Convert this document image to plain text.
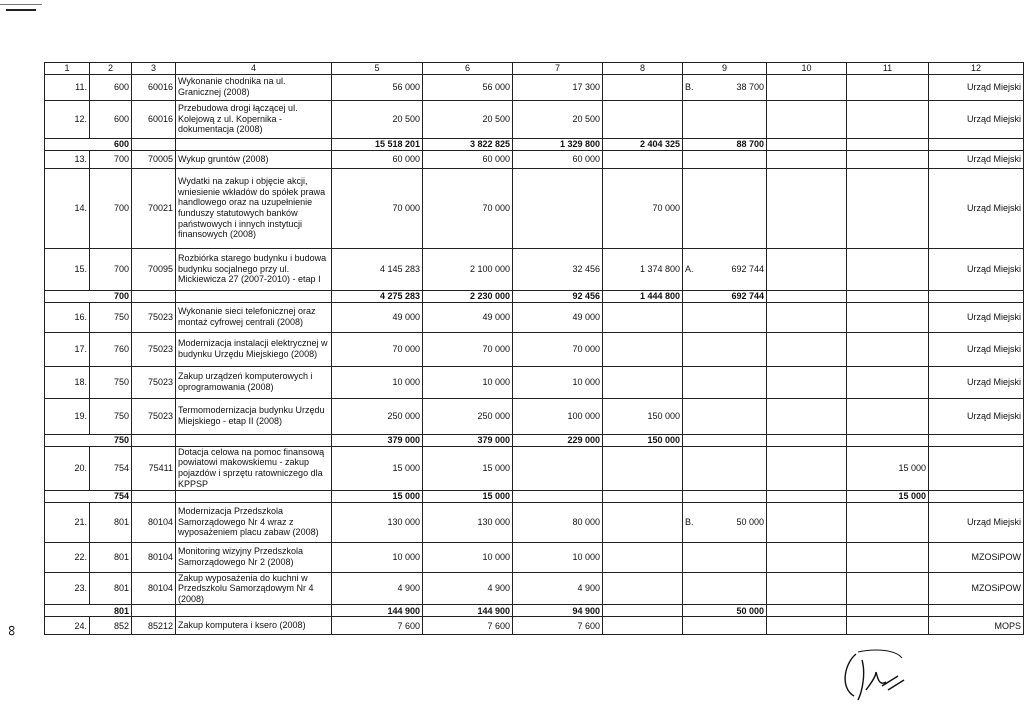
∞
1	2	3	4	5	6	7	8	9	10	11	12
11.	600	60016	Wykonanie chodnika na ul. Granicznej (2008)	56 000	56 000	17 300		B. 38 700			Urząd Miejski
12.	600	60016	Przebudowa drogi łączącej ul. Kolejową z ul. Kopernika - dokumentacja (2008)	20 500	20 500	20 500					Urząd Miejski
600				15 518 201	3 822 825	1 329 800	2 404 325	88 700			
13.	700	70005	Wykup gruntów (2008)	60 000	60 000	60 000					Urząd Miejski
14.	700	70021	Wydatki na zakup i objęcie akcji, wniesienie wkładów do spółek prawa handlowego oraz na uzupełnienie funduszy statutowych banków państwowych i innych instytucji finansowych (2008)	70 000	70 000		70 000				Urząd Miejski
15.	700	70095	Rozbiórka starego budynku i budowa budynku socjalnego przy ul. Mickiewicza 27 (2007-2010) - etap I	4 145 283	2 100 000	32 456	1 374 800	A. 692 744			Urząd Miejski
700				4 275 283	2 230 000	92 456	1 444 800	692 744			
16.	750	75023	Wykonanie sieci telefonicznej oraz montaż cyfrowej centrali (2008)	49 000	49 000	49 000					Urząd Miejski
17.	760	75023	Modernizacja instalacji elektrycznej w budynku Urzędu Miejskiego (2008)	70 000	70 000	70 000					Urząd Miejski
18.	750	75023	Zakup urządzeń komputerowych i oprogramowania (2008)	10 000	10 000	10 000					Urząd Miejski
19.	750	75023	Termomodernizacja budynku Urzędu Miejskiego - etap II (2008)	250 000	250 000	100 000	150 000				Urząd Miejski
750				379 000	379 000	229 000	150 000				
20.	754	75411	Dotacja celowa na pomoc finansową powiatowi makowskiemu - zakup pojazdów i sprzętu ratowniczego dla KPPSP	15 000	15 000					15 000	
754				15 000	15 000					15 000	
21.	801	80104	Modernizacja Przedszkola Samorządowego Nr 4 wraz z wyposażeniem placu zabaw (2008)	130 000	130 000	80 000		B. 50 000			Urząd Miejski
22.	801	80104	Monitoring wizyjny Przedszkola Samorządowego Nr 2 (2008)	10 000	10 000	10 000					MZOSiPOW
23.	801	80104	Zakup wyposażenia do kuchni w Przedszkolu Samorządowym Nr 4 (2008)	4 900	4 900	4 900					MZOSiPOW
801				144 900	144 900	94 900		50 000			
24.	852	85212	Zakup komputera i ksero (2008)	7 600	7 600	7 600					MOPS
